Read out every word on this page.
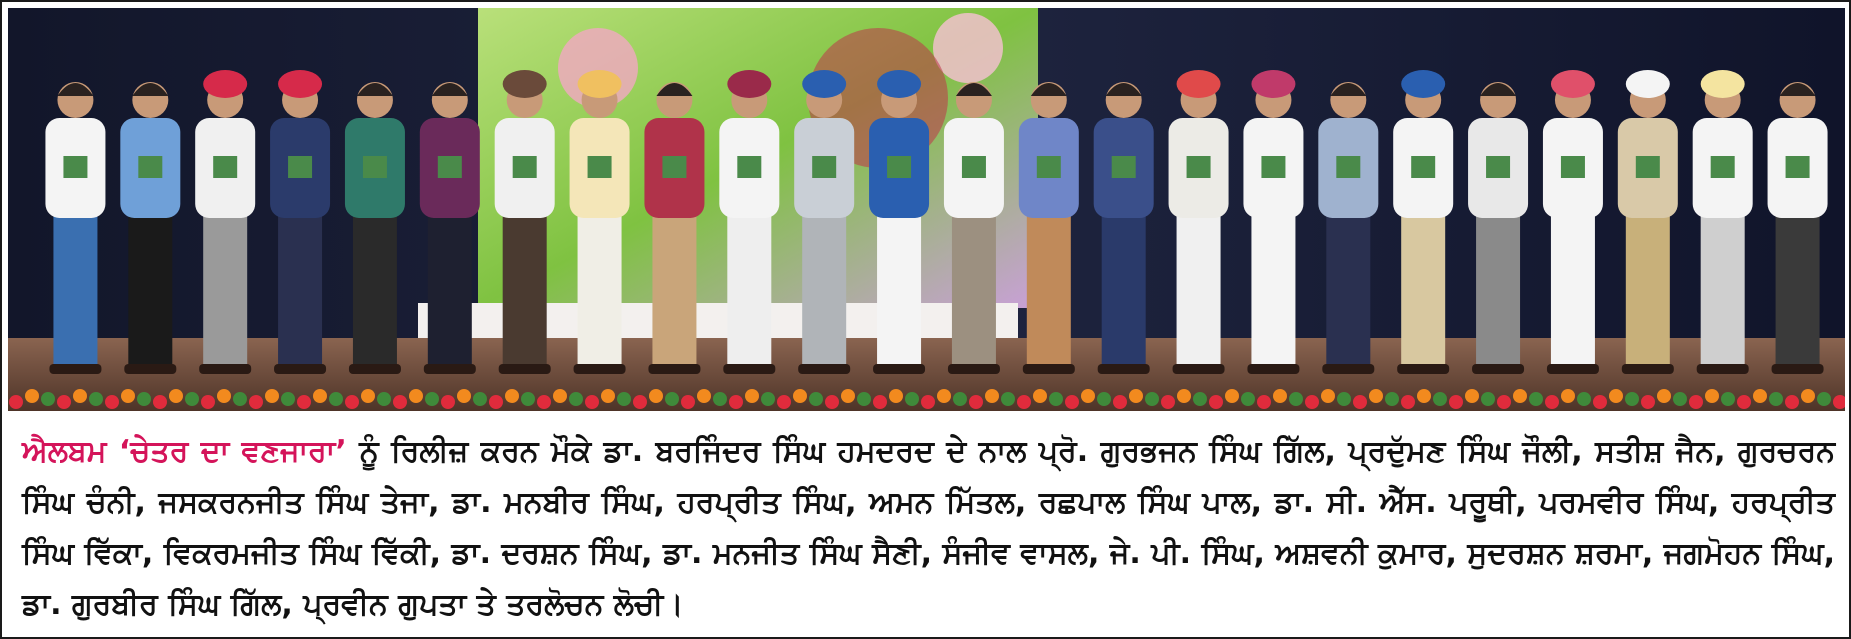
ਐਲਬਮ ‘ਚੇਤਰ ਦਾ ਵਣਜਾਰਾ’ ਨੂੰ ਰਿਲੀਜ਼ ਕਰਨ ਮੌਕੇ ਡਾ. ਬਰਜਿੰਦਰ ਸਿੰਘ ਹਮਦਰਦ ਦੇ ਨਾਲ ਪ੍ਰੋ. ਗੁਰਭਜਨ ਸਿੰਘ ਗਿੱਲ, ਪ੍ਰਦੁੱਮਣ ਸਿੰਘ ਜੌਲੀ, ਸਤੀਸ਼ ਜੈਨ, ਗੁਰਚਰਨ ਸਿੰਘ ਚੰਨੀ, ਜਸਕਰਨਜੀਤ ਸਿੰਘ ਤੇਜਾ, ਡਾ. ਮਨਬੀਰ ਸਿੰਘ, ਹਰਪ੍ਰੀਤ ਸਿੰਘ, ਅਮਨ ਮਿੱਤਲ, ਰਛਪਾਲ ਸਿੰਘ ਪਾਲ, ਡਾ. ਸੀ. ਐੱਸ. ਪਰੂਥੀ, ਪਰਮਵੀਰ ਸਿੰਘ, ਹਰਪ੍ਰੀਤ ਸਿੰਘ ਵਿੱਕਾ, ਵਿਕਰਮਜੀਤ ਸਿੰਘ ਵਿੱਕੀ, ਡਾ. ਦਰਸ਼ਨ ਸਿੰਘ, ਡਾ. ਮਨਜੀਤ ਸਿੰਘ ਸੈਣੀ, ਸੰਜੀਵ ਵਾਸਲ, ਜੇ. ਪੀ. ਸਿੰਘ, ਅਸ਼ਵਨੀ ਕੁਮਾਰ, ਸੁਦਰਸ਼ਨ ਸ਼ਰਮਾ, ਜਗਮੋਹਨ ਸਿੰਘ, ਡਾ. ਗੁਰਬੀਰ ਸਿੰਘ ਗਿੱਲ, ਪ੍ਰਵੀਨ ਗੁਪਤਾ ਤੇ ਤਰਲੋਚਨ ਲੋਚੀ।
